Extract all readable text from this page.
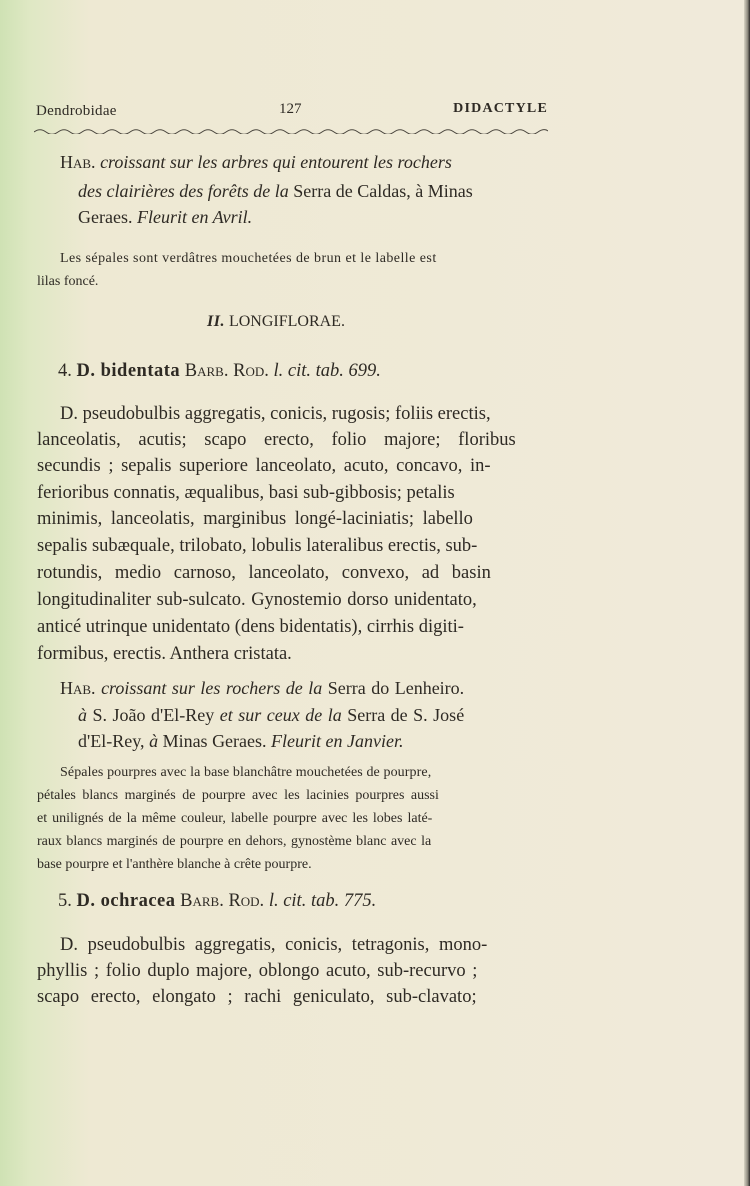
Dendrobidae	127	DIDACTYLE

Hab. croissant sur les arbres qui entourent les rochers

des clairières des forêts de la Serra de Caldas, à Minas

Geraes. Fleurit en Avril.

Les sépales sont verdâtres mouchetées de brun et le labelle est

lilas foncé.

II. LONGIFLORAE.

4. D. bidentata Barb. Rod. l. cit. tab. 699.

D. pseudobulbis aggregatis, conicis, rugosis; foliis erectis,

lanceolatis, acutis; scapo erecto, folio majore; floribus

secundis ; sepalis superiore lanceolato, acuto, concavo, in-

ferioribus connatis, æqualibus, basi sub-gibbosis; petalis

minimis, lanceolatis, marginibus longé-laciniatis; labello

sepalis subæquale, trilobato, lobulis lateralibus erectis, sub-

rotundis, medio carnoso, lanceolato, convexo, ad basin

longitudinaliter sub-sulcato. Gynostemio dorso unidentato,

anticé utrinque unidentato (dens bidentatis), cirrhis digiti-

formibus, erectis. Anthera cristata.

Hab. croissant sur les rochers de la Serra do Lenheiro.

à S. João d'El-Rey et sur ceux de la Serra de S. José

d'El-Rey, à Minas Geraes. Fleurit en Janvier.

Sépales pourpres avec la base blanchâtre mouchetées de pourpre,

pétales blancs marginés de pourpre avec les lacinies pourpres aussi

et unilignés de la même couleur, labelle pourpre avec les lobes laté-

raux blancs marginés de pourpre en dehors, gynostème blanc avec la

base pourpre et l'anthère blanche à crête pourpre.

5. D. ochracea Barb. Rod. l. cit. tab. 775.

D. pseudobulbis aggregatis, conicis, tetragonis, mono-

phyllis ; folio duplo majore, oblongo acuto, sub-recurvo ;

scapo erecto, elongato ; rachi geniculato, sub-clavato;
